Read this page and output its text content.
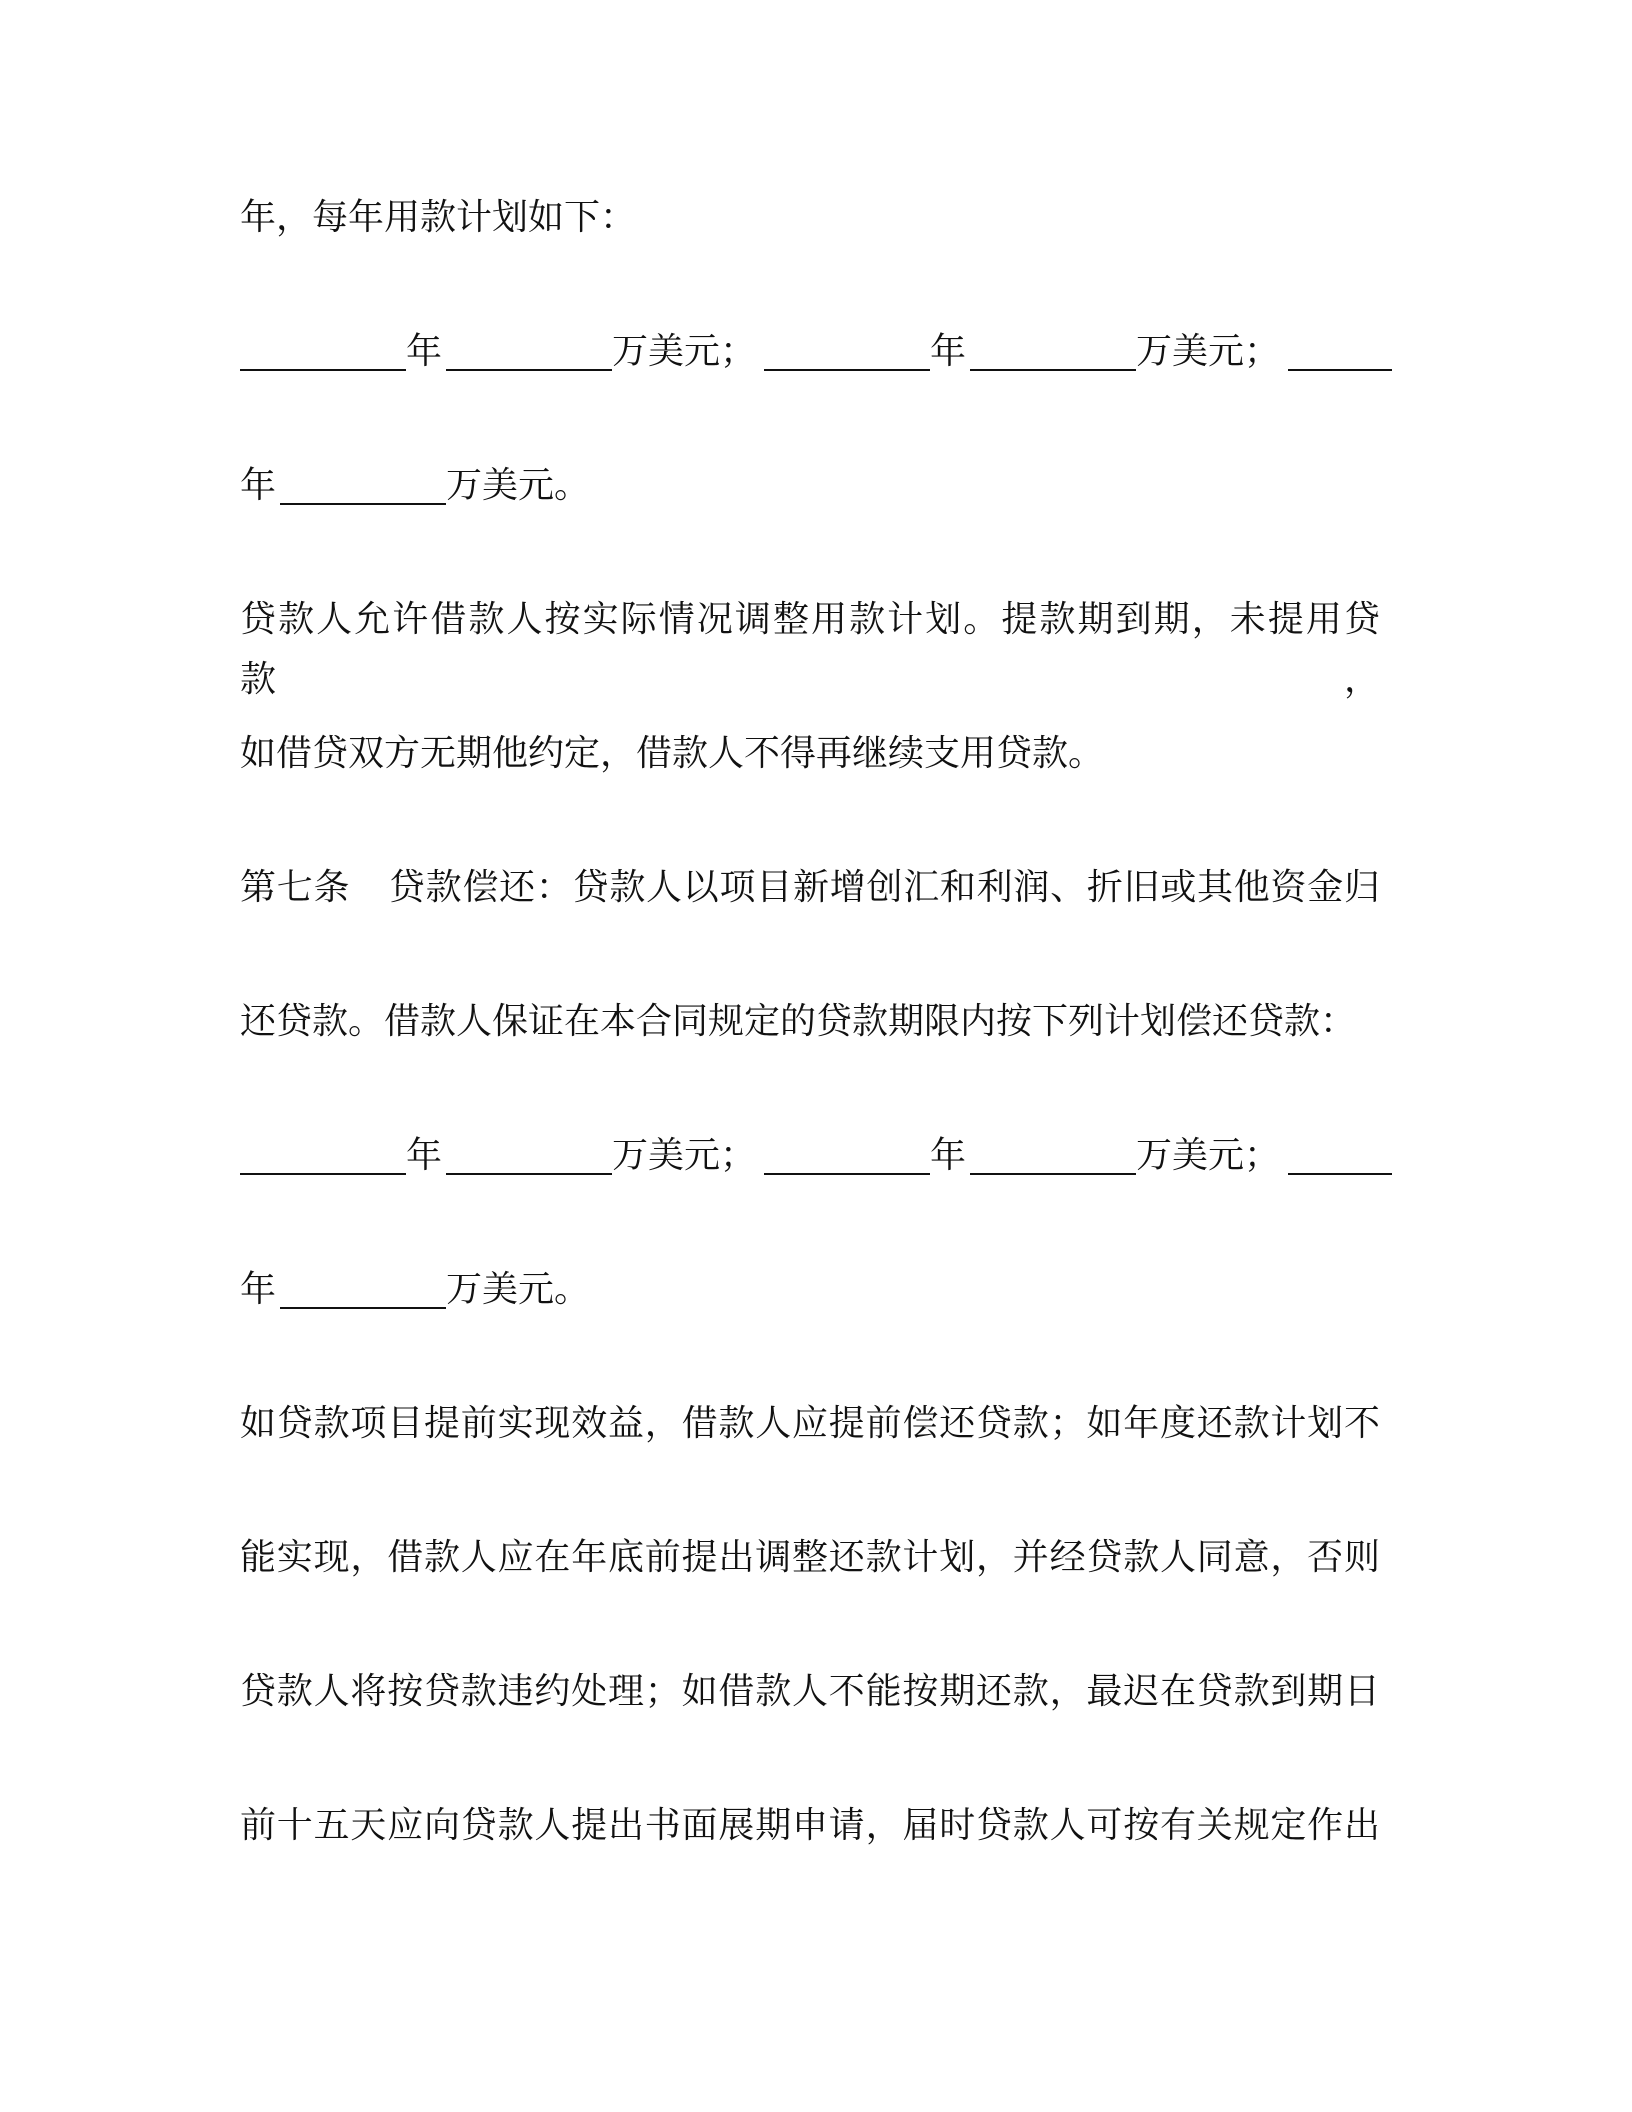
年，每年用款计划如下：
年	万美元；	年	万美元；
年	万美元。
贷款人允许借款人按实际情况调整用款计划。提款期到期，未提用贷款，
如借贷双方无期他约定，借款人不得再继续支用贷款。
第七条 贷款偿还：贷款人以项目新增创汇和利润、折旧或其他资金归
还贷款。借款人保证在本合同规定的贷款期限内按下列计划偿还贷款：
年	万美元；	年	万美元；
年	万美元。
如贷款项目提前实现效益，借款人应提前偿还贷款；如年度还款计划不
能实现，借款人应在年底前提出调整还款计划，并经贷款人同意，否则
贷款人将按贷款违约处理；如借款人不能按期还款，最迟在贷款到期日
前十五天应向贷款人提出书面展期申请，届时贷款人可按有关规定作出
